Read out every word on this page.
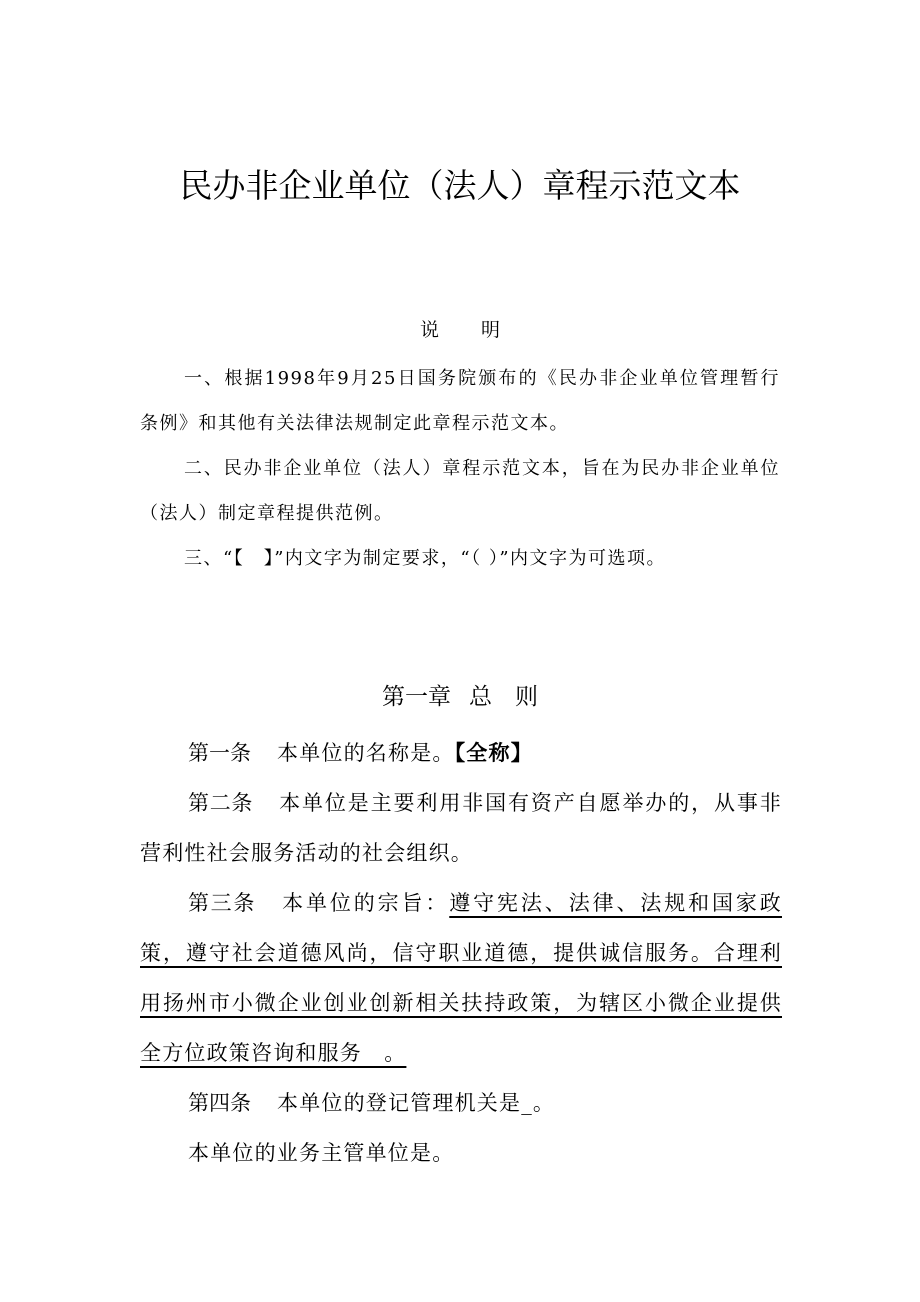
民办非企业单位（法人）章程示范文本
说明

一、根据1998年9月25日国务院颁布的《民办非企业单位管理暂行条例》和其他有关法律法规制定此章程示范文本。

二、民办非企业单位（法人）章程示范文本，旨在为民办非企业单位（法人）制定章程提供范例。

三、“【　】”内文字为制定要求，“（ ）”内文字为可选项。

第一章 总　则

第一条 本单位的名称是。【全称】

第二条 本单位是主要利用非国有资产自愿举办的，从事非营利性社会服务活动的社会组织。

第三条 本单位的宗旨：遵守宪法、法律、法规和国家政策，遵守社会道德风尚，信守职业道德，提供诚信服务。合理利用扬州市小微企业创业创新相关扶持政策，为辖区小微企业提供全方位政策咨询和服务　。

第四条 本单位的登记管理机关是_。

本单位的业务主管单位是。
